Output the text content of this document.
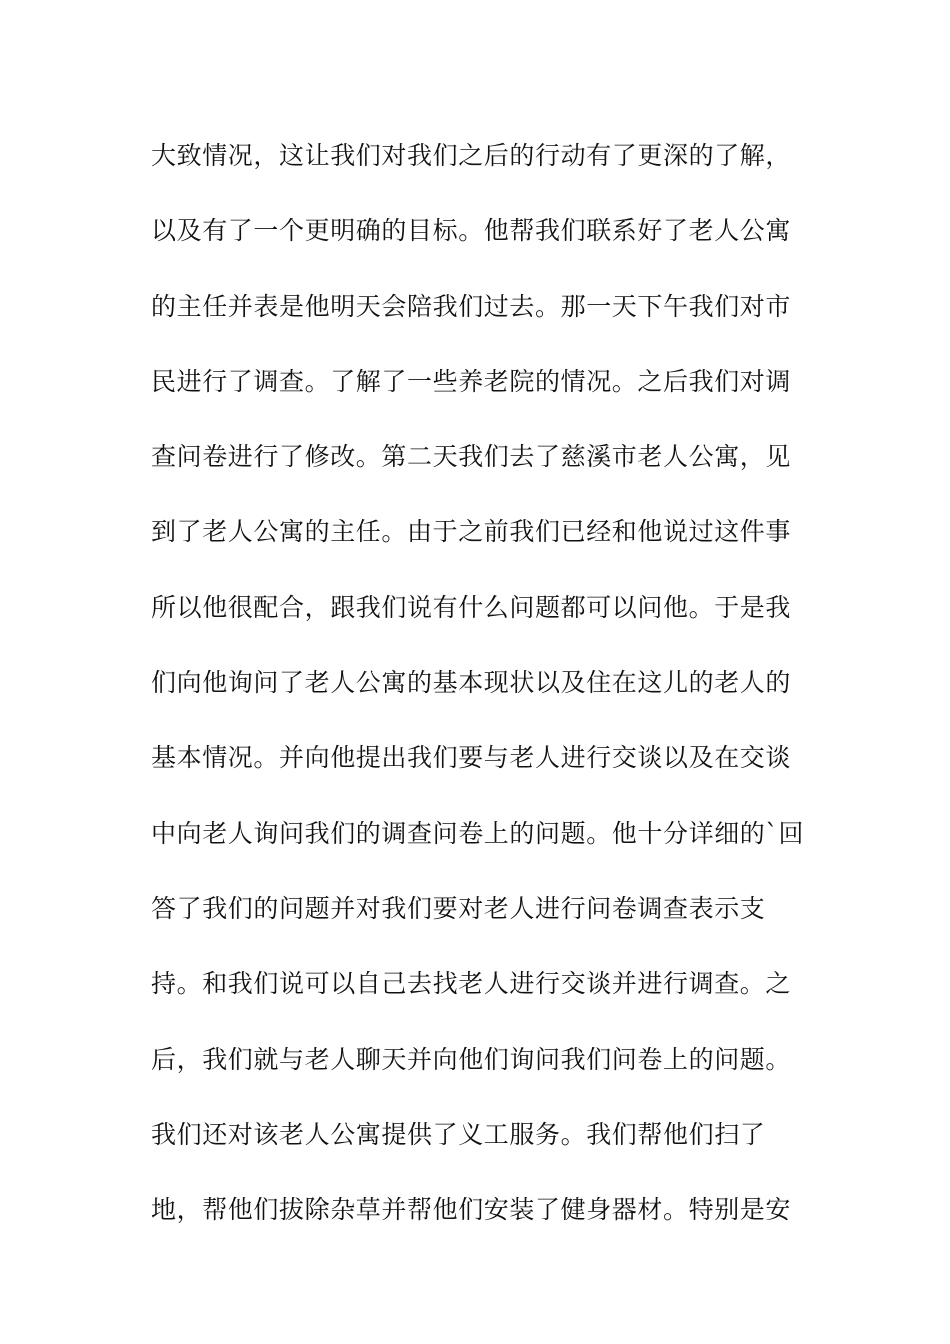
大致情况，这让我们对我们之后的行动有了更深的了解，
以及有了一个更明确的目标。他帮我们联系好了老人公寓
的主任并表是他明天会陪我们过去。那一天下午我们对市
民进行了调查。了解了一些养老院的情况。之后我们对调
查问卷进行了修改。第二天我们去了慈溪市老人公寓，见
到了老人公寓的主任。由于之前我们已经和他说过这件事
所以他很配合，跟我们说有什么问题都可以问他。于是我
们向他询问了老人公寓的基本现状以及住在这儿的老人的
基本情况。并向他提出我们要与老人进行交谈以及在交谈
中向老人询问我们的调查问卷上的问题。他十分详细的`回
答了我们的问题并对我们要对老人进行问卷调查表示支
持。和我们说可以自己去找老人进行交谈并进行调查。之
后，我们就与老人聊天并向他们询问我们问卷上的问题。
我们还对该老人公寓提供了义工服务。我们帮他们扫了
地，帮他们拔除杂草并帮他们安装了健身器材。特别是安
